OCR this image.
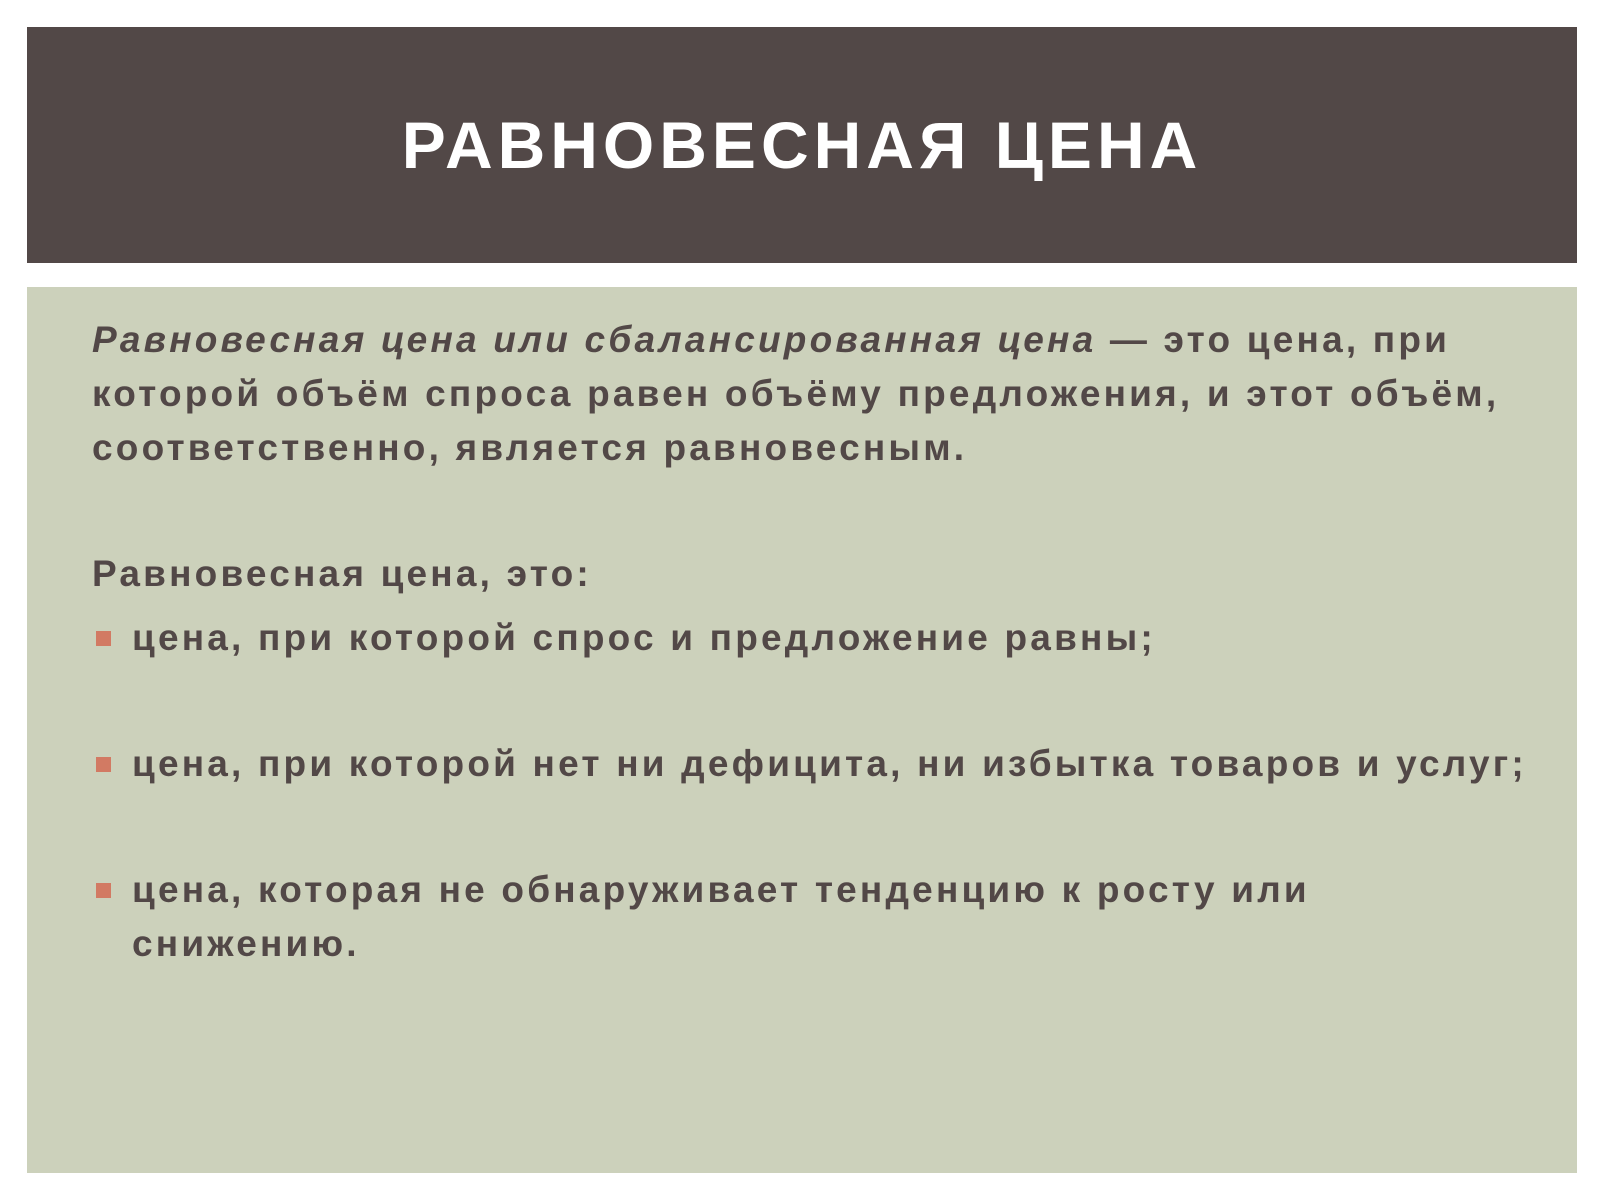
РАВНОВЕСНАЯ ЦЕНА

Равновесная цена или сбалансированная цена — это цена, при которой объём спроса равен объёму предложения, и этот объём, соответственно, является равновесным.

Равновесная цена, это:

цена, при которой спрос и предложение равны;
цена, при которой нет ни дефицита, ни избытка товаров и услуг;
цена, которая не обнаруживает тенденцию к росту или снижению.
